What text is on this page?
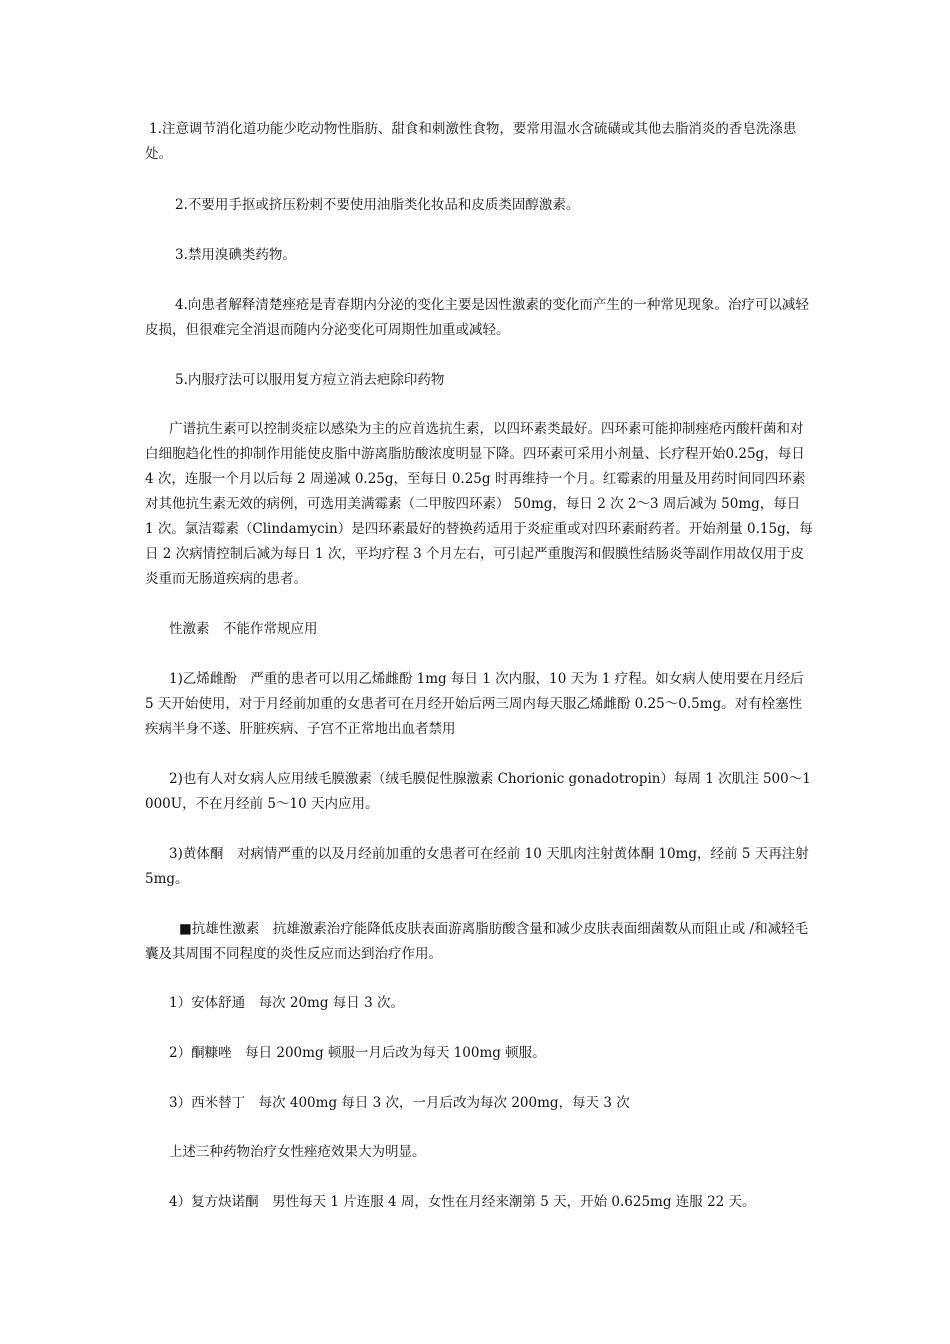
1.注意调节消化道功能少吃动物性脂肪、甜食和刺激性食物，要常用温水含硫磺或其他去脂消炎的香皂洗涤患处。

2.不要用手抠或挤压粉刺不要使用油脂类化妆品和皮质类固醇激素。

3.禁用溴碘类药物。

4.向患者解释清楚痤疮是青春期内分泌的变化主要是因性激素的变化而产生的一种常见现象。治疗可以减轻皮损，但很难完全消退而随内分泌变化可周期性加重或减轻。

5.内服疗法可以服用复方痘立消去疤除印药物

广谱抗生素可以控制炎症以感染为主的应首选抗生素，以四环素类最好。四环素可能抑制痤疮丙酸杆菌和对白细胞趋化性的抑制作用能使皮脂中游离脂肪酸浓度明显下降。四环素可采用小剂量、长疗程开始0.25g，每日 4 次，连服一个月以后每 2 周递减 0.25g，至每日 0.25g 时再维持一个月。红霉素的用量及用药时间同四环素对其他抗生素无效的病例，可选用美满霉素（二甲胺四环素） 50mg，每日 2 次 2～3 周后减为 50mg，每日 1 次。氯洁霉素（Clindamycin）是四环素最好的替换药适用于炎症重或对四环素耐药者。开始剂量 0.15g，每日 2 次病情控制后减为每日 1 次，平均疗程 3 个月左右，可引起严重腹泻和假膜性结肠炎等副作用故仅用于皮炎重而无肠道疾病的患者。

性激素　不能作常规应用

1)乙烯雌酚　严重的患者可以用乙烯雌酚 1mg 每日 1 次内服，10 天为 1 疗程。如女病人使用要在月经后 5 天开始使用，对于月经前加重的女患者可在月经开始后两三周内每天服乙烯雌酚 0.25～0.5mg。对有栓塞性疾病半身不遂、肝脏疾病、子宫不正常地出血者禁用

2)也有人对女病人应用绒毛膜激素（绒毛膜促性腺激素 Chorionic gonadotropin）每周 1 次肌注 500～1000U，不在月经前 5～10 天内应用。

3)黄体酮　对病情严重的以及月经前加重的女患者可在经前 10 天肌肉注射黄体酮 10mg，经前 5 天再注射 5mg。

■抗雄性激素　抗雄激素治疗能降低皮肤表面游离脂肪酸含量和减少皮肤表面细菌数从而阻止或 /和减轻毛囊及其周围不同程度的炎性反应而达到治疗作用。

1）安体舒通　每次 20mg 每日 3 次。

2）酮糠唑　每日 200mg 顿服一月后改为每天 100mg 顿服。

3）西米替丁　每次 400mg 每日 3 次，一月后改为每次 200mg，每天 3 次

上述三种药物治疗女性痤疮效果大为明显。

4）复方炔诺酮　男性每天 1 片连服 4 周，女性在月经来潮第 5 天，开始 0.625mg 连服 22 天。
